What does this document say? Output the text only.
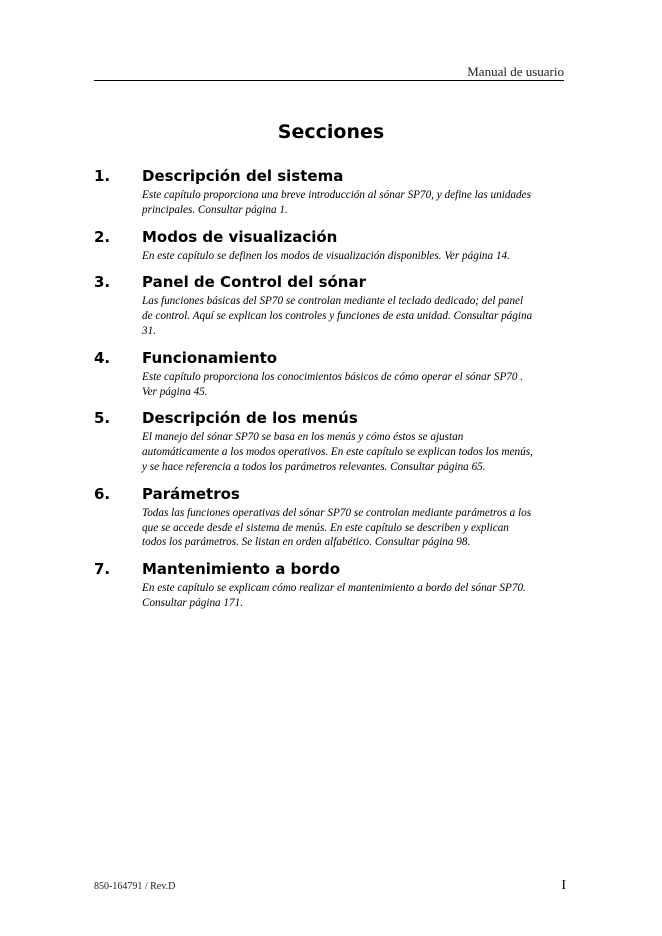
Manual de usuario
Secciones
1.	Descripción del sistema
Este capítulo proporciona una breve introducción al sónar SP70, y define las unidades principales. Consultar página 1.
2.	Modos de visualización
En este capítulo se definen los modos de visualización disponibles. Ver página 14.
3.	Panel de Control del sónar
Las funciones básicas del SP70 se controlan mediante el teclado dedicado; del panel de control. Aquí se explican los controles y funciones de esta unidad. Consultar página 31.
4.	Funcionamiento
Este capítulo proporciona los conocimientos básicos de cómo operar el sónar SP70 . Ver página 45.
5.	Descripción de los menús
El manejo del sónar SP70 se basa en los menús y cómo éstos se ajustan automáticamente a los modos operativos. En este capítulo se explican todos los menús, y se hace referencia a todos los parámetros relevantes. Consultar página 65.
6.	Parámetros
Todas las funciones operativas del sónar SP70 se controlan mediante parámetros a los que se accede desde el sistema de menús. En este capítulo se describen y explican todos los parámetros. Se listan en orden alfabético. Consultar página 98.
7.	Mantenimiento a bordo
En este capítulo se explicam cómo realizar el mantenimiento a bordo del sónar SP70. Consultar página 171.
850-164791 / Rev.D	I
